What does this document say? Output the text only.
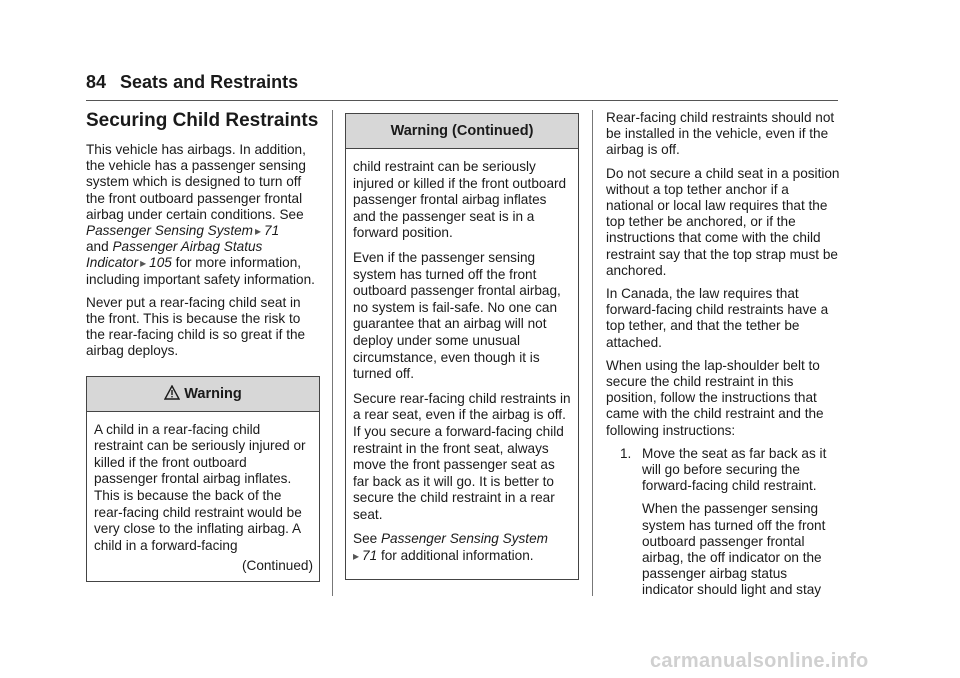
84 Seats and Restraints
Securing Child Restraints

This vehicle has airbags. In addition, the vehicle has a passenger sensing system which is designed to turn off the front outboard passenger frontal airbag under certain conditions. See
Passenger Sensing System ▸ 71
and Passenger Airbag Status Indicator ▸ 105 for more information, including important safety information.

Never put a rear-facing child seat in the front. This is because the risk to the rear-facing child is so great if the airbag deploys.

Warning

A child in a rear-facing child restraint can be seriously injured or killed if the front outboard passenger frontal airbag inflates. This is because the back of the rear-facing child restraint would be very close to the inflating airbag. A child in a forward-facing

(Continued)
Warning (Continued)

child restraint can be seriously injured or killed if the front outboard passenger frontal airbag inflates and the passenger seat is in a forward position.

Even if the passenger sensing system has turned off the front outboard passenger frontal airbag, no system is fail-safe. No one can guarantee that an airbag will not deploy under some unusual circumstance, even though it is turned off.

Secure rear-facing child restraints in a rear seat, even if the airbag is off. If you secure a forward-facing child restraint in the front seat, always move the front passenger seat as far back as it will go. It is better to secure the child restraint in a rear seat.

See Passenger Sensing System
▸ 71 for additional information.

Rear-facing child restraints should not be installed in the vehicle, even if the airbag is off.

Do not secure a child seat in a position without a top tether anchor if a national or local law requires that the top tether be anchored, or if the instructions that come with the child restraint say that the top strap must be anchored.

In Canada, the law requires that forward-facing child restraints have a top tether, and that the tether be attached.

When using the lap-shoulder belt to secure the child restraint in this position, follow the instructions that came with the child restraint and the following instructions:

1. Move the seat as far back as it will go before securing the forward-facing child restraint.

When the passenger sensing system has turned off the front outboard passenger frontal airbag, the off indicator on the passenger airbag status indicator should light and stay

carmanualsonline.info
